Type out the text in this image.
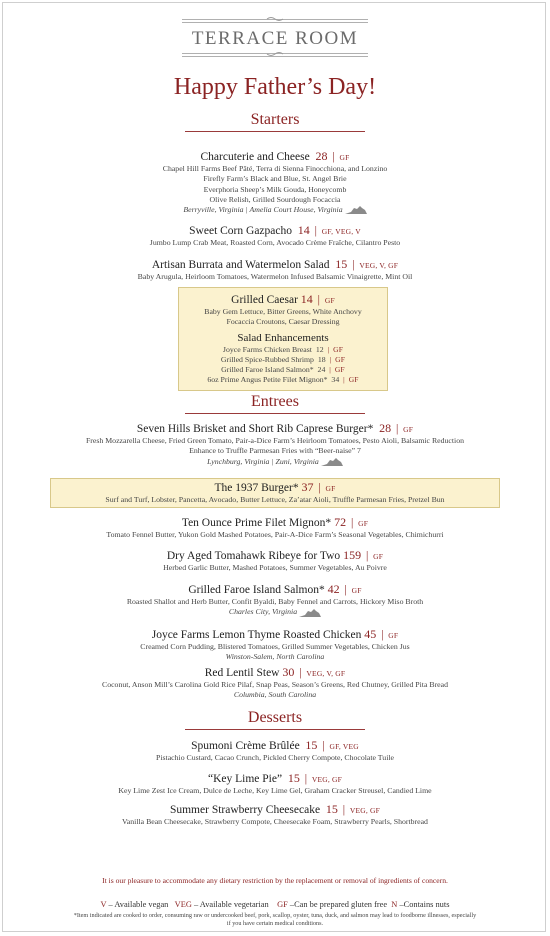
TERRACE ROOM
Happy Father’s Day!
Starters
Charcuterie and Cheese 28 | GF
Chapel Hill Farms Beef Pâté, Terra di Sienna Finocchiona, and Lonzino
Firefly Farm’s Black and Blue, St. Angel Brie
Everphoria Sheep’s Milk Gouda, Honeycomb
Olive Relish, Grilled Sourdough Focaccia
Berryville, Virginia | Amelia Court House, Virginia
Sweet Corn Gazpacho 14 | GF, VEG, V
Jumbo Lump Crab Meat, Roasted Corn, Avocado Crème Fraîche, Cilantro Pesto
Artisan Burrata and Watermelon Salad 15 | VEG, V, GF
Baby Arugula, Heirloom Tomatoes, Watermelon Infused Balsamic Vinaigrette, Mint Oil
Grilled Caesar 14 | GF
Baby Gem Lettuce, Bitter Greens, White Anchovy
Focaccia Croutons, Caesar Dressing
Salad Enhancements
Joyce Farms Chicken Breast 12 | GF
Grilled Spice-Rubbed Shrimp 18 | GF
Grilled Faroe Island Salmon* 24 | GF
6oz Prime Angus Petite Filet Mignon* 34 | GF
Entrees
Seven Hills Brisket and Short Rib Caprese Burger* 28 | GF
Fresh Mozzarella Cheese, Fried Green Tomato, Pair-a-Dice Farm’s Heirloom Tomatoes, Pesto Aioli, Balsamic Reduction
Enhance to Truffle Parmesan Fries with “Beer-naise” 7
Lynchburg, Virginia | Zuni, Virginia
The 1937 Burger* 37 | GF
Surf and Turf, Lobster, Pancetta, Avocado, Butter Lettuce, Za’atar Aioli, Truffle Parmesan Fries, Pretzel Bun
Ten Ounce Prime Filet Mignon* 72 | GF
Tomato Fennel Butter, Yukon Gold Mashed Potatoes, Pair-A-Dice Farm’s Seasonal Vegetables, Chimichurri
Dry Aged Tomahawk Ribeye for Two 159 | GF
Herbed Garlic Butter, Mashed Potatoes, Summer Vegetables, Au Poivre
Grilled Faroe Island Salmon* 42 | GF
Roasted Shallot and Herb Butter, Confit Byaldi, Baby Fennel and Carrots, Hickory Miso Broth
Charles City, Virginia
Joyce Farms Lemon Thyme Roasted Chicken 45 | GF
Creamed Corn Pudding, Blistered Tomatoes, Grilled Summer Vegetables, Chicken Jus
Winston-Salem, North Carolina
Red Lentil Stew 30 | VEG, V, GF
Coconut, Anson Mill’s Carolina Gold Rice Pilaf, Snap Peas, Season’s Greens, Red Chutney, Grilled Pita Bread
Columbia, South Carolina
Desserts
Spumoni Crème Brûlée 15 | GF, VEG
Pistachio Custard, Cacao Crunch, Pickled Cherry Compote, Chocolate Tuile
“Key Lime Pie” 15 | VEG, GF
Key Lime Zest Ice Cream, Dulce de Leche, Key Lime Gel, Graham Cracker Streusel, Candied Lime
Summer Strawberry Cheesecake 15 | VEG, GF
Vanilla Bean Cheesecake, Strawberry Compote, Cheesecake Foam, Strawberry Pearls, Shortbread
It is our pleasure to accommodate any dietary restriction by the replacement or removal of ingredients of concern.
V – Available vegan VEG – Available vegetarian GF –Can be prepared gluten free N –Contains nuts
*Item indicated are cooked to order, consuming raw or undercooked beef, pork, scallop, oyster, tuna, duck, and salmon may lead to foodborne illnesses, especially
if you have certain medical conditions.
